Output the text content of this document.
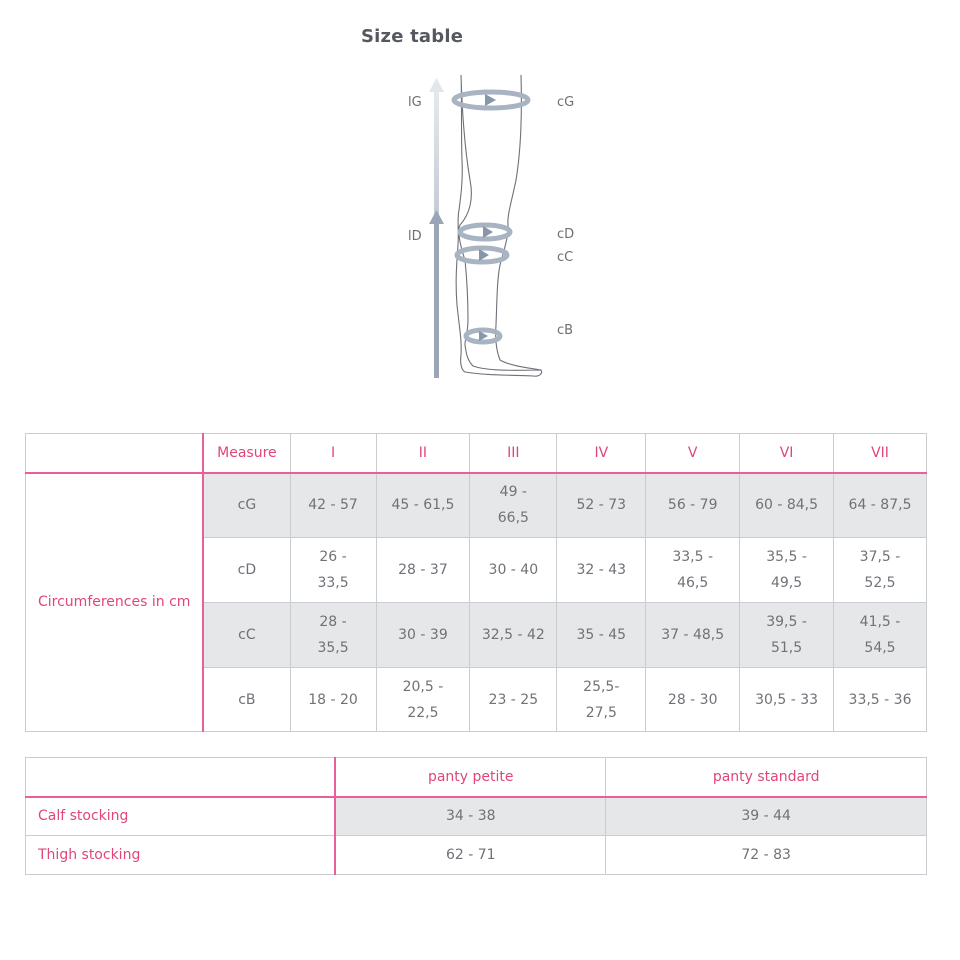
Size table
lG
lD
cG
cD
cC
cB
	Measure	I	II	III	IV	V	VI	VII
Circumferences in cm	cG	42 - 57	45 - 61,5	49 - 66,5	52 - 73	56 - 79	60 - 84,5	64 - 87,5
	cD	26 - 33,5	28 - 37	30 - 40	32 - 43	33,5 - 46,5	35,5 - 49,5	37,5 - 52,5
	cC	28 - 35,5	30 - 39	32,5 - 42	35 - 45	37 - 48,5	39,5 - 51,5	41,5 - 54,5
	cB	18 - 20	20,5 - 22,5	23 - 25	25,5- 27,5	28 - 30	30,5 - 33	33,5 - 36
	panty petite	panty standard
Calf stocking	34 - 38	39 - 44
Thigh stocking	62 - 71	72 - 83
